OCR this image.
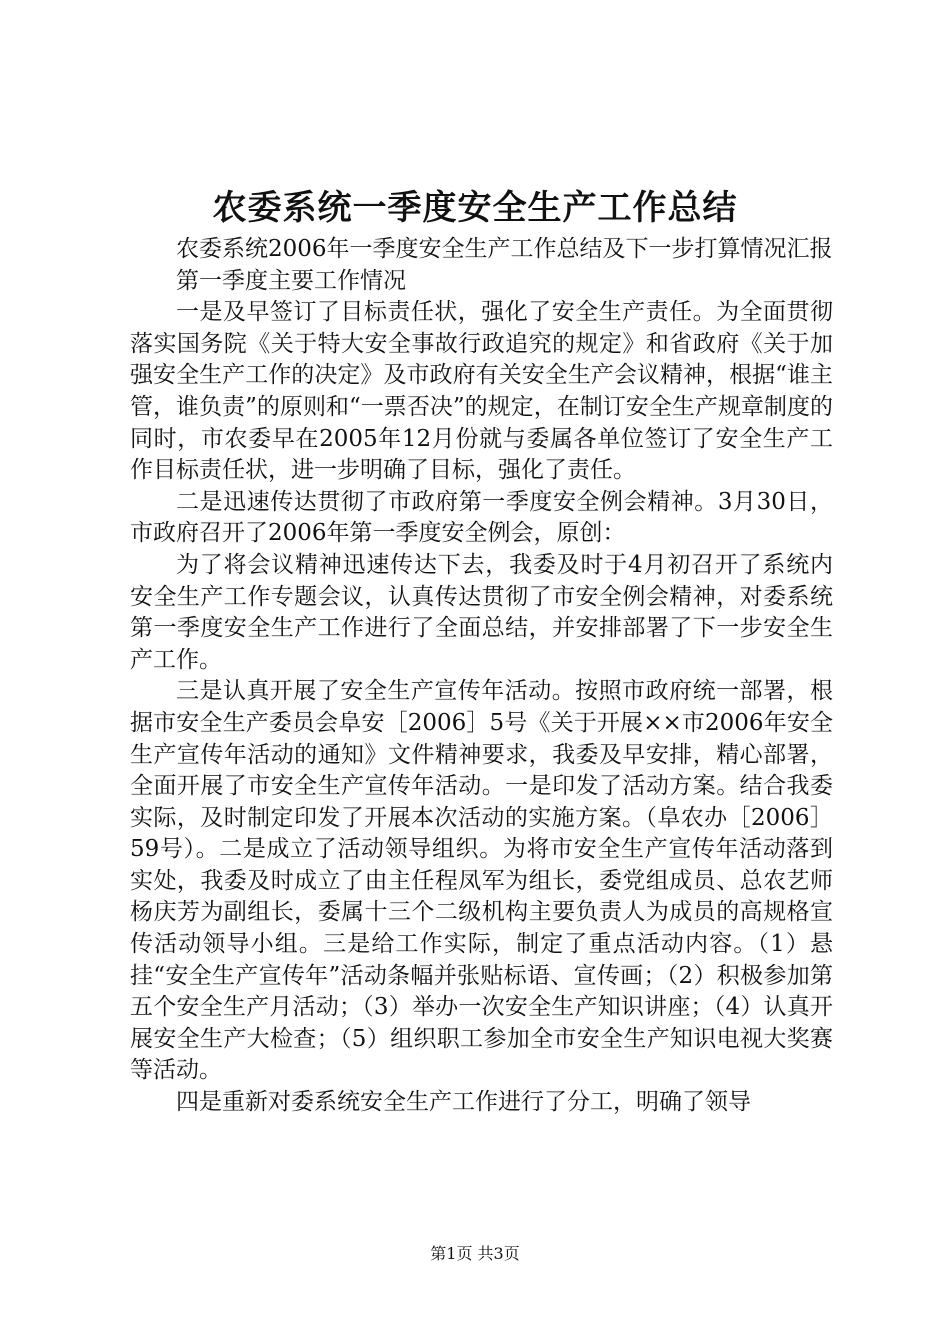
农委系统一季度安全生产工作总结

农委系统2006年一季度安全生产工作总结及下一步打算情况汇报

第一季度主要工作情况

一是及早签订了目标责任状，强化了安全生产责任。为全面贯彻落实国务院《关于特大安全事故行政追究的规定》和省政府《关于加强安全生产工作的决定》及市政府有关安全生产会议精神，根据“谁主管，谁负责”的原则和“一票否决”的规定，在制订安全生产规章制度的同时，市农委早在2005年12月份就与委属各单位签订了安全生产工作目标责任状，进一步明确了目标，强化了责任。

二是迅速传达贯彻了市政府第一季度安全例会精神。3月30日，市政府召开了2006年第一季度安全例会，原创：

为了将会议精神迅速传达下去，我委及时于4月初召开了系统内安全生产工作专题会议，认真传达贯彻了市安全例会精神，对委系统第一季度安全生产工作进行了全面总结，并安排部署了下一步安全生产工作。

三是认真开展了安全生产宣传年活动。按照市政府统一部署，根据市安全生产委员会阜安［2006］5号《关于开展××市2006年安全生产宣传年活动的通知》文件精神要求，我委及早安排，精心部署，全面开展了市安全生产宣传年活动。一是印发了活动方案。结合我委实际，及时制定印发了开展本次活动的实施方案。（阜农办［2006］59号）。二是成立了活动领导组织。为将市安全生产宣传年活动落到实处，我委及时成立了由主任程凤军为组长，委党组成员、总农艺师杨庆芳为副组长，委属十三个二级机构主要负责人为成员的高规格宣传活动领导小组。三是给工作实际，制定了重点活动内容。（1）悬挂“安全生产宣传年”活动条幅并张贴标语、宣传画；（2）积极参加第五个安全生产月活动；（3）举办一次安全生产知识讲座；（4）认真开展安全生产大检查；（5）组织职工参加全市安全生产知识电视大奖赛等活动。

四是重新对委系统安全生产工作进行了分工，明确了领导

第1页 共3页
